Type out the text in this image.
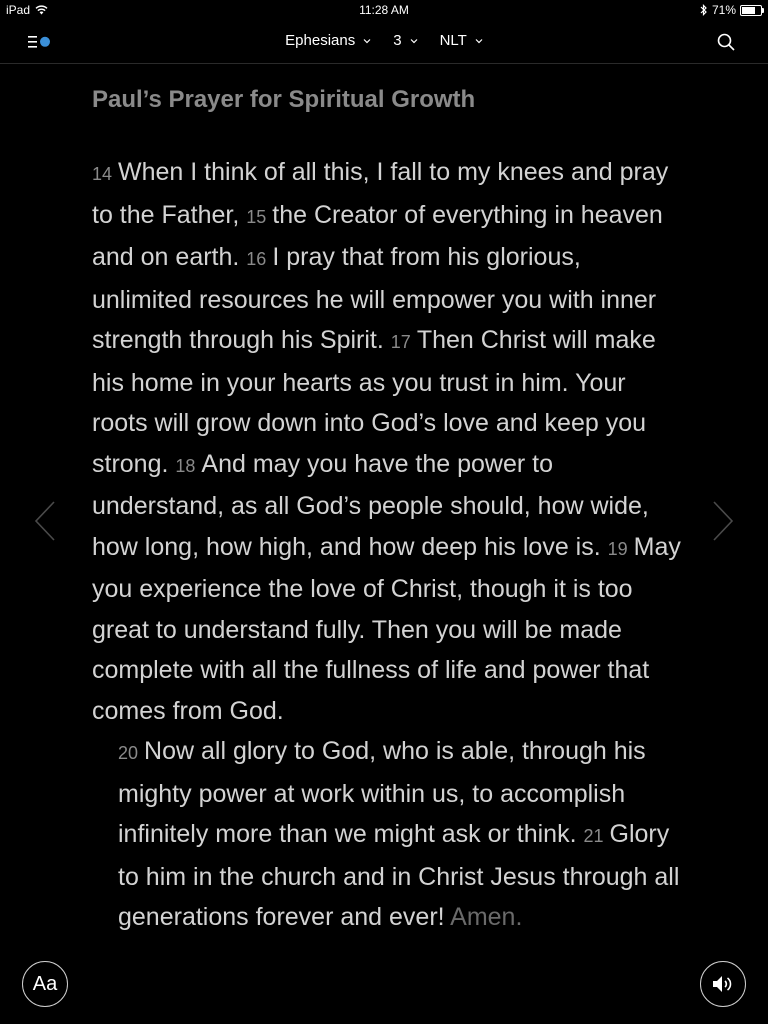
iPad	11:28 AM	71%
Ephesians	3	NLT
Paul’s Prayer for Spiritual Growth

14 When I think of all this, I fall to my knees and pray to the Father, 15 the Creator of everything in heaven and on earth. 16 I pray that from his glorious, unlimited resources he will empower you with inner strength through his Spirit. 17 Then Christ will make his home in your hearts as you trust in him. Your roots will grow down into God’s love and keep you strong. 18 And may you have the power to understand, as all God’s people should, how wide, how long, how high, and how deep his love is. 19 May you experience the love of Christ, though it is too great to understand fully. Then you will be made complete with all the fullness of life and power that comes from God.

20 Now all glory to God, who is able, through his mighty power at work within us, to accomplish infinitely more than we might ask or think. 21 Glory to him in the church and in Christ Jesus through all generations forever and ever! Amen.

Aa
